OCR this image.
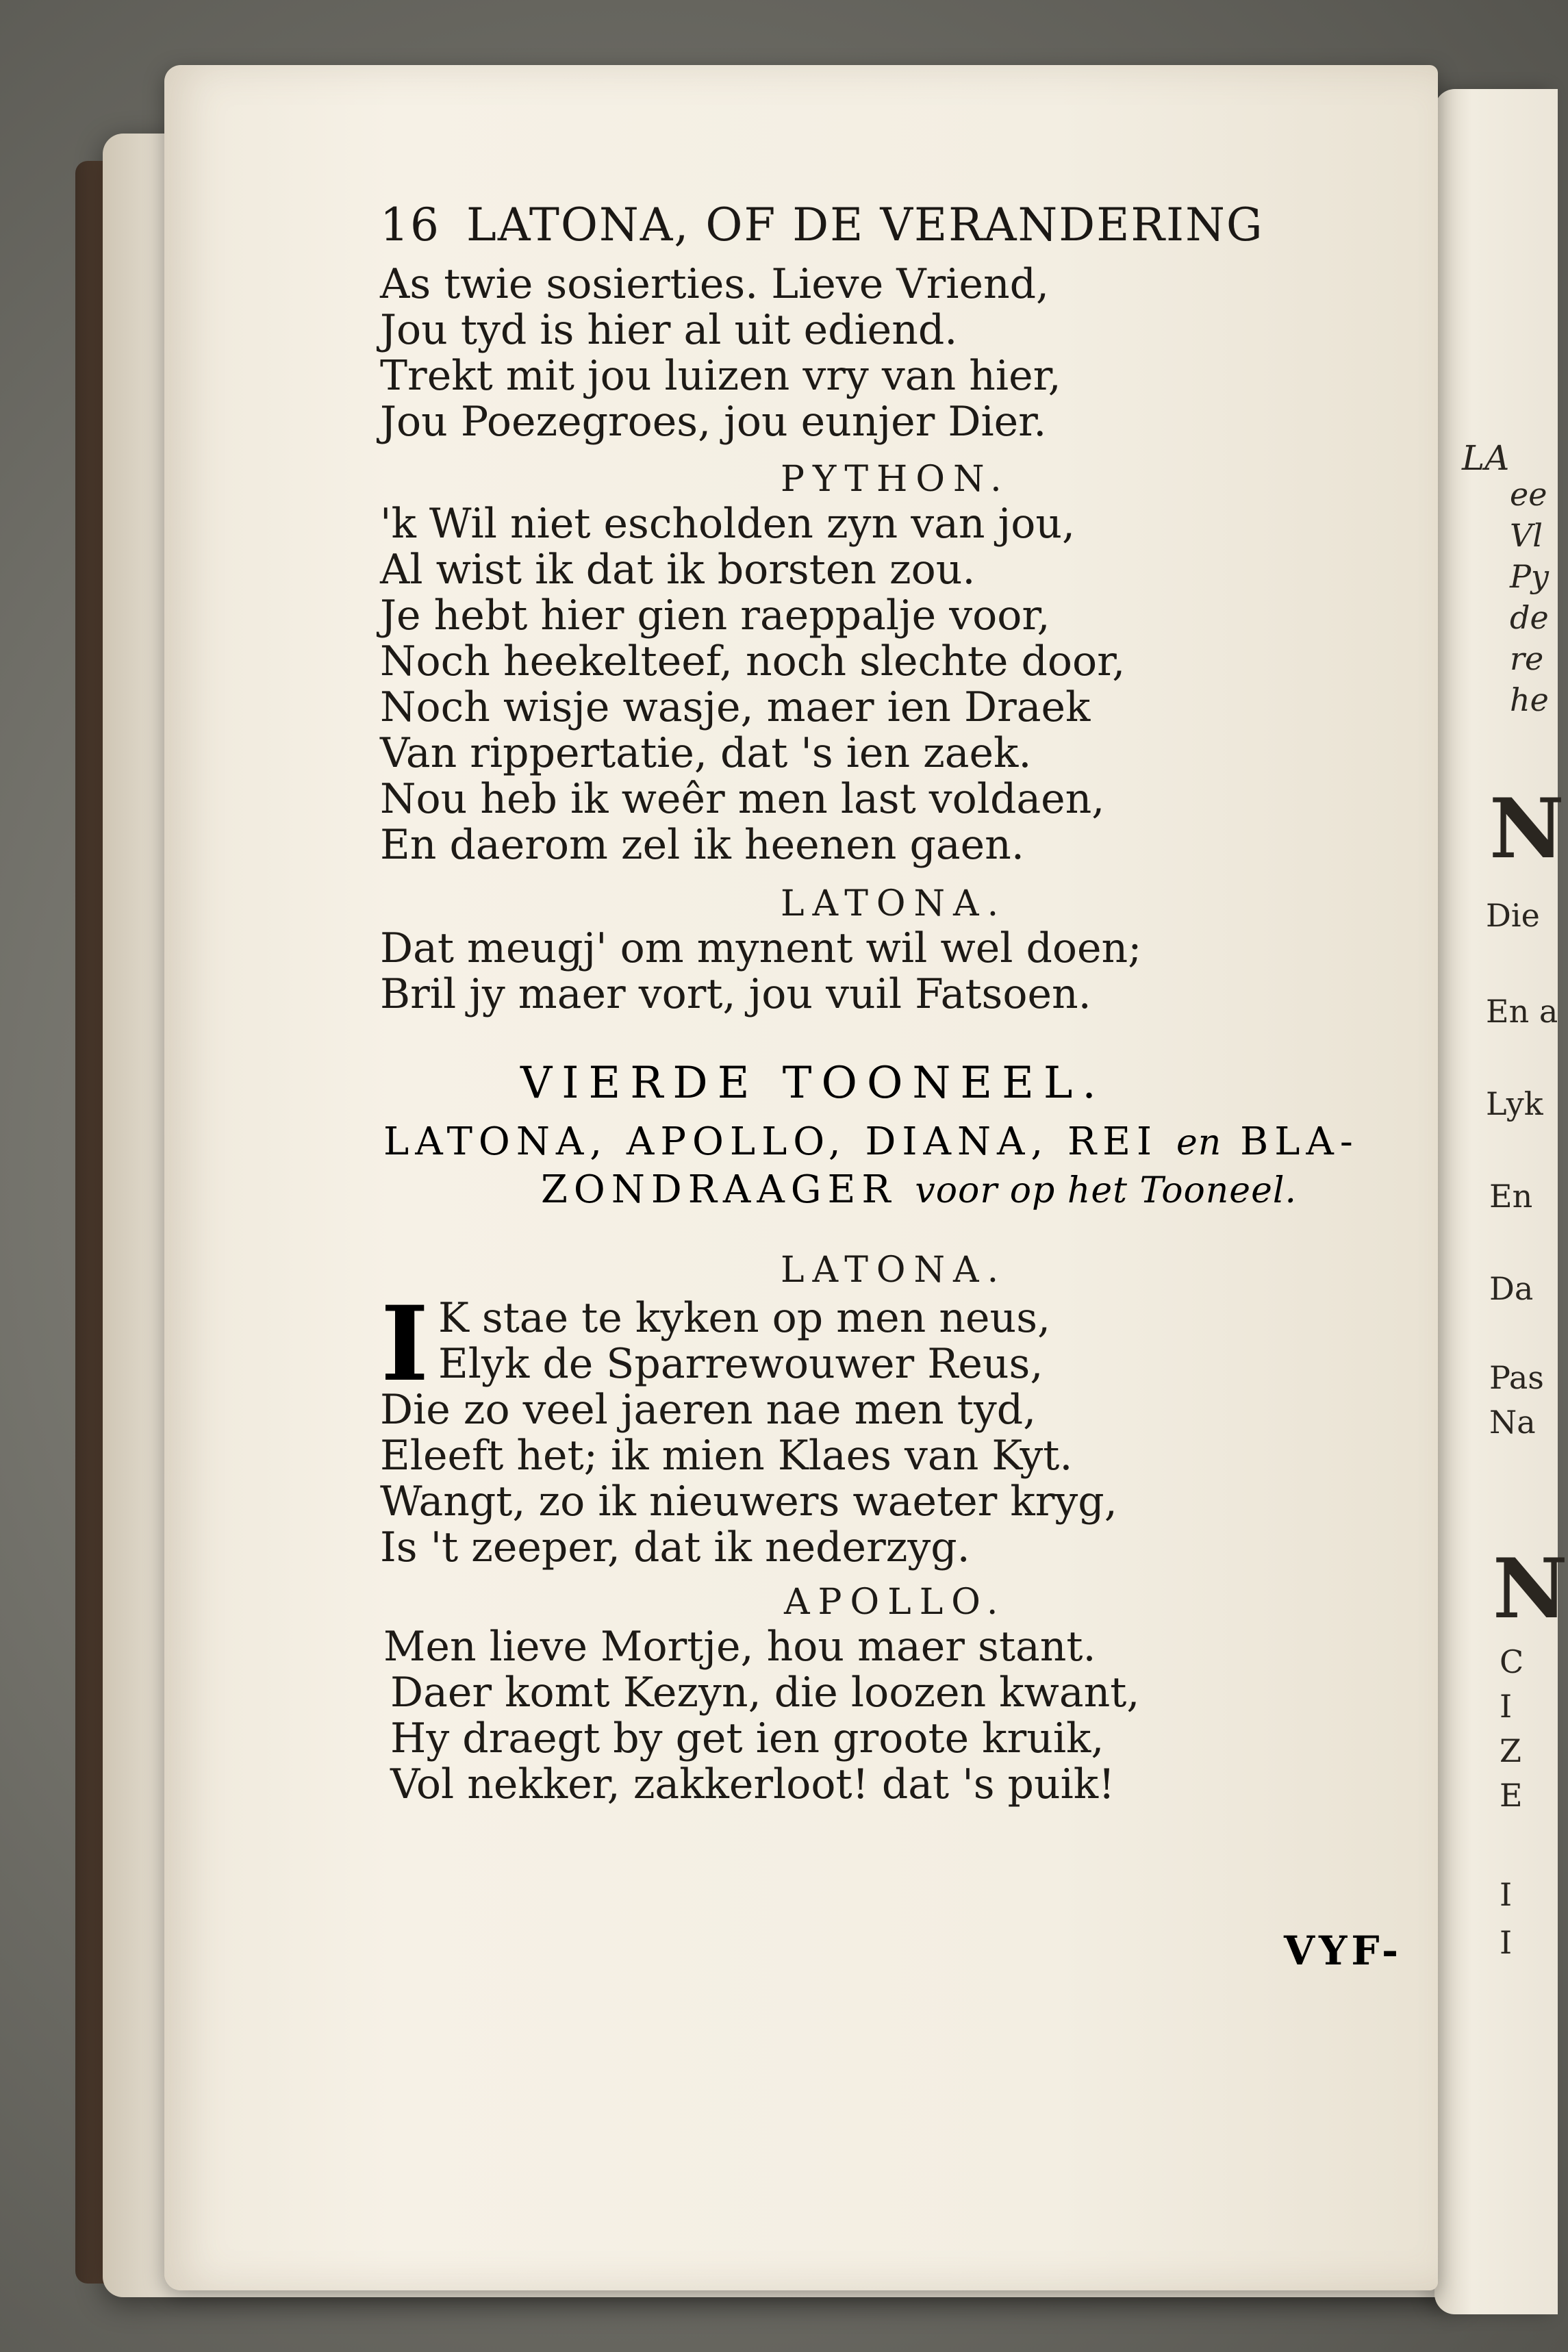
LA
ee
Vl
Py
de
re
he
N
Die
En a
Lyk
En
Da
Pas
Na
N
C
I
Z
E
I
I
16 LATONA, OF DE VERANDERING
As twie sosierties. Lieve Vriend,
Jou tyd is hier al uit ediend.
Trekt mit jou luizen vry van hier,
Jou Poezegroes, jou eunjer Dier.
PYTHON.
'k Wil niet escholden zyn van jou,
Al wist ik dat ik borsten zou.
Je hebt hier gien raeppalje voor,
Noch heekelteef, noch slechte door,
Noch wisje wasje, maer ien Draek
Van rippertatie, dat 's ien zaek.
Nou heb ik weêr men last voldaen,
En daerom zel ik heenen gaen.
LATONA.
Dat meugj' om mynent wil wel doen;
Bril jy maer vort, jou vuil Fatsoen.
VIERDE TOONEEL.
LATONA, APOLLO, DIANA, REI en BLA-
ZONDRAAGER voor op het Tooneel.
LATONA.
I K stae te kyken op men neus,
Elyk de Sparrewouwer Reus,
Die zo veel jaeren nae men tyd,
Eleeft het; ik mien Klaes van Kyt.
Wangt, zo ik nieuwers waeter kryg,
Is 't zeeper, dat ik nederzyg.
APOLLO.
Men lieve Mortje, hou maer stant.
Daer komt Kezyn, die loozen kwant,
Hy draegt by get ien groote kruik,
Vol nekker, zakkerloot! dat 's puik!
VYF-
